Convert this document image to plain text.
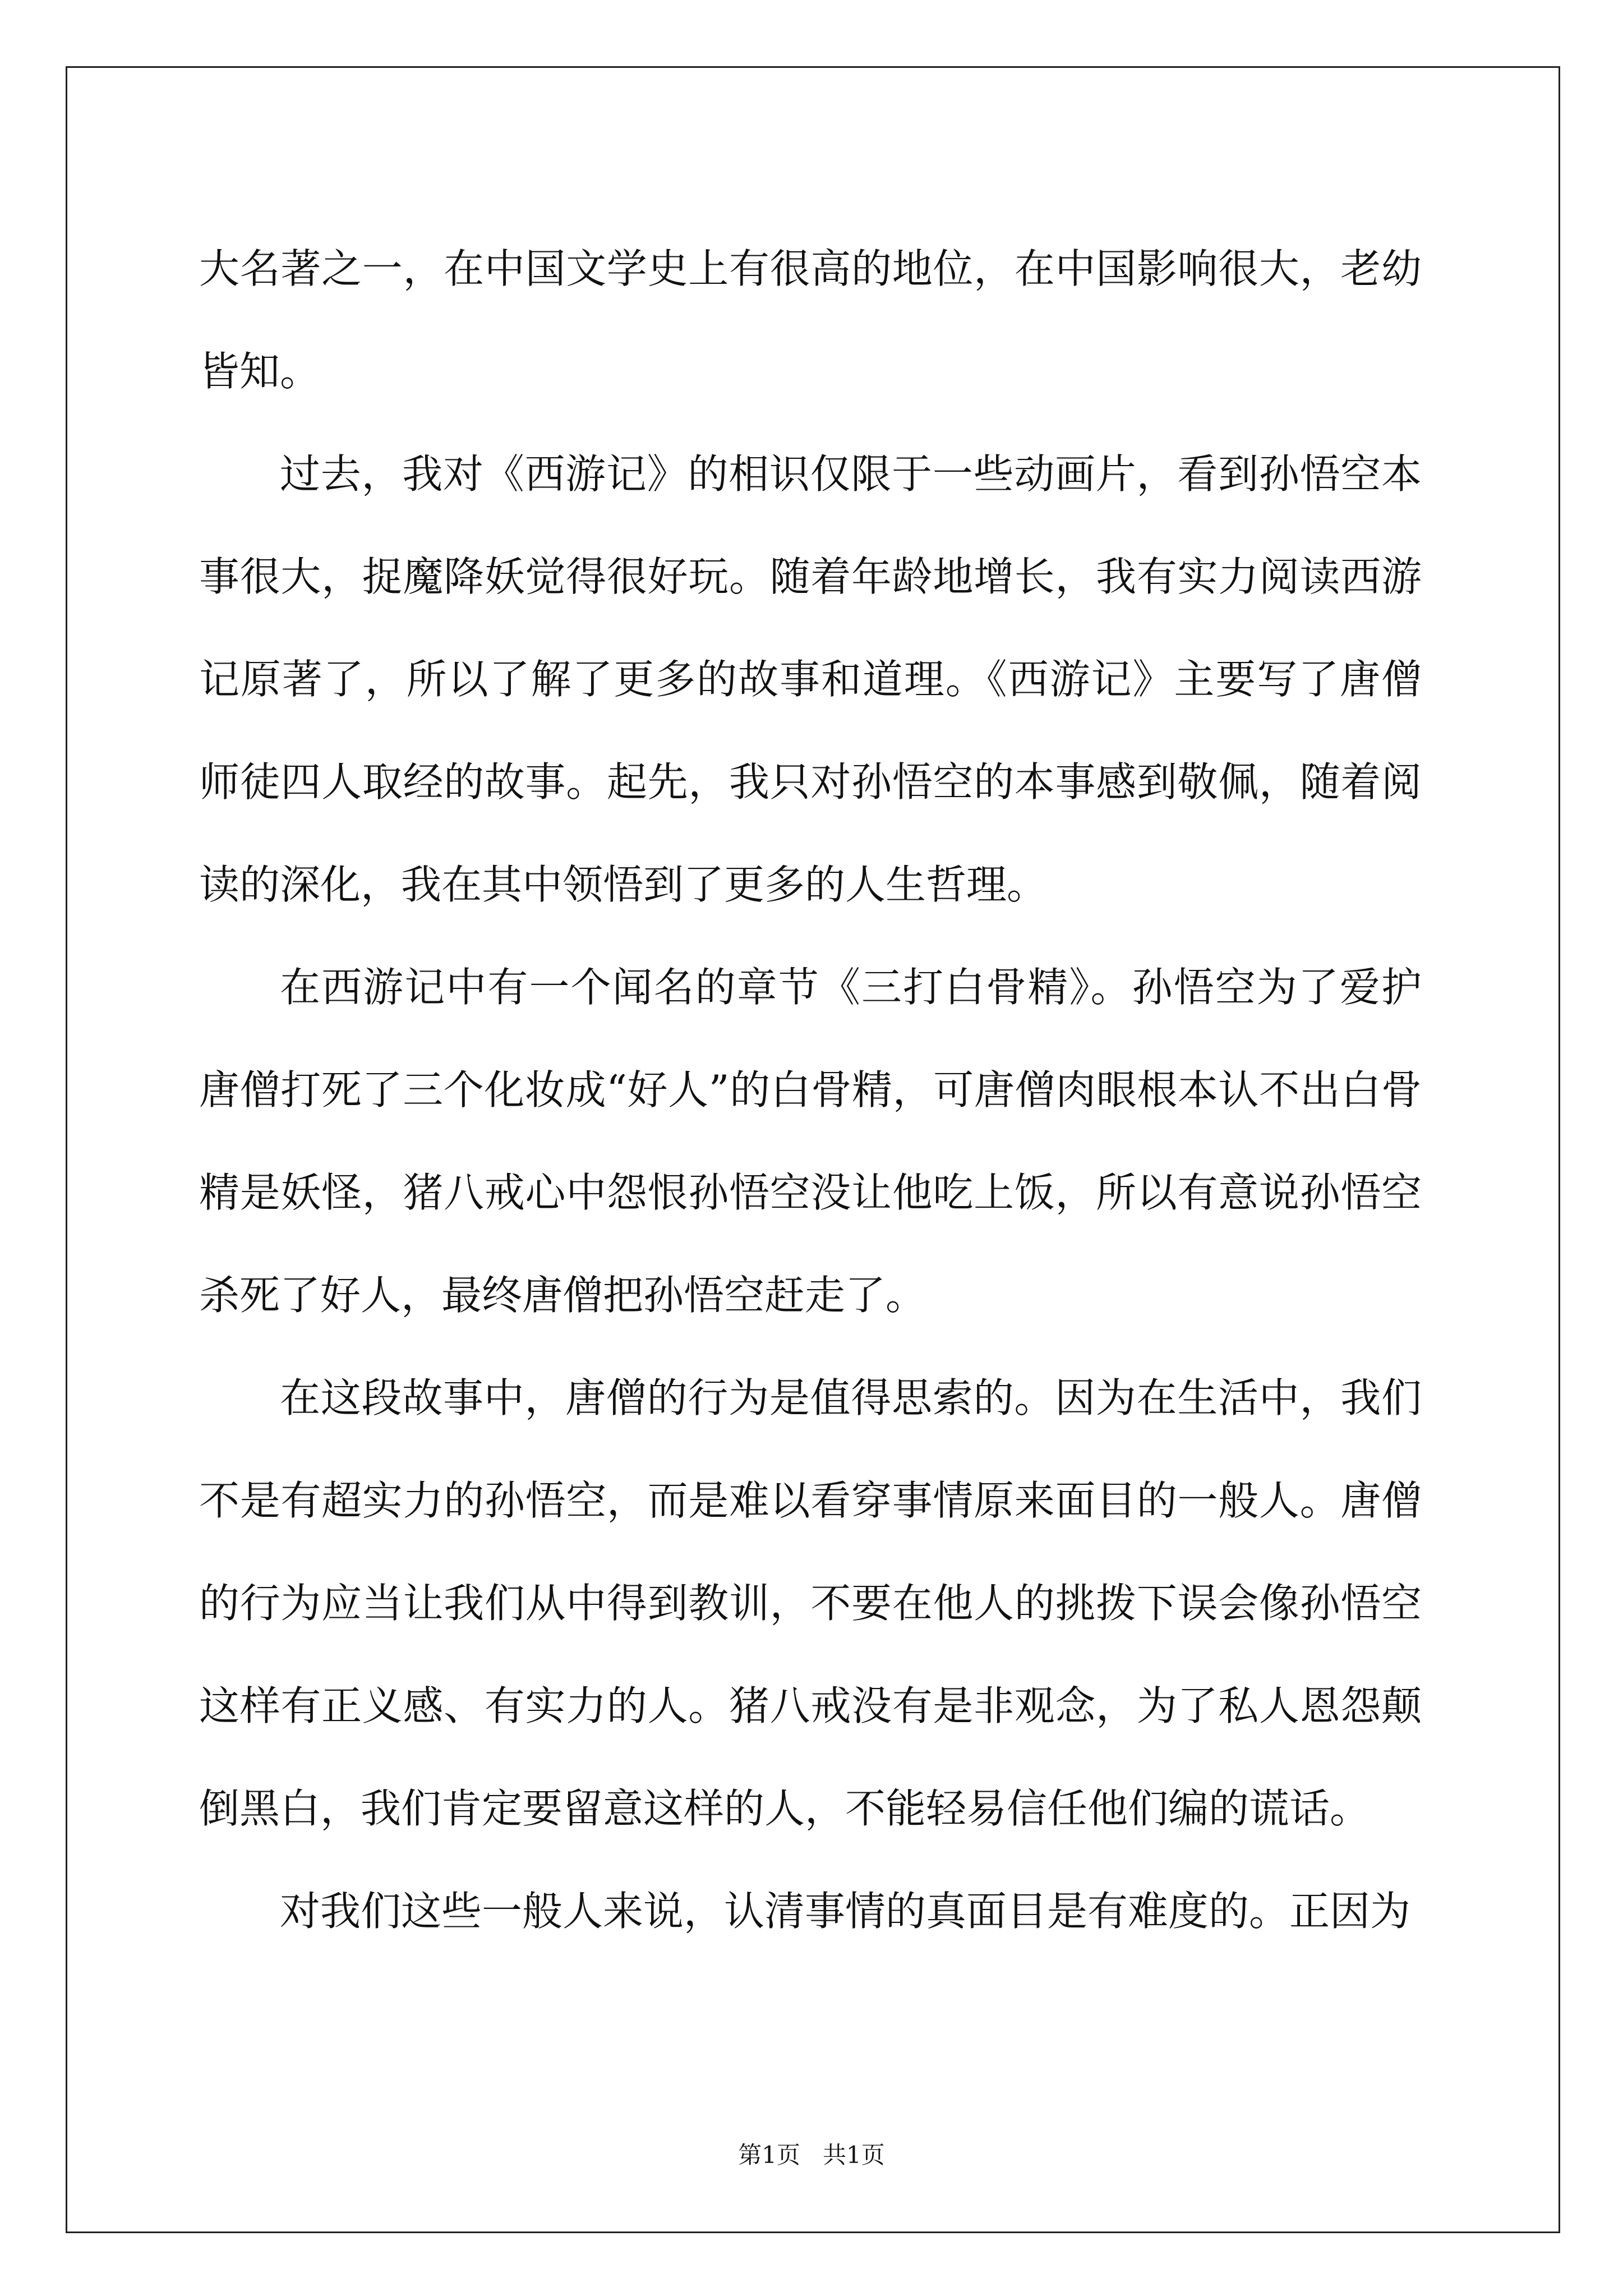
大名著之一，在中国文学史上有很高的地位，在中国影响很大，老幼皆知。

过去，我对《西游记》的相识仅限于一些动画片，看到孙悟空本事很大，捉魔降妖觉得很好玩。随着年龄地增长，我有实力阅读西游记原著了，所以了解了更多的故事和道理。《西游记》主要写了唐僧师徒四人取经的故事。起先，我只对孙悟空的本事感到敬佩，随着阅读的深化，我在其中领悟到了更多的人生哲理。

在西游记中有一个闻名的章节《三打白骨精》。孙悟空为了爱护唐僧打死了三个化妆成“好人”的白骨精，可唐僧肉眼根本认不出白骨精是妖怪，猪八戒心中怨恨孙悟空没让他吃上饭，所以有意说孙悟空杀死了好人，最终唐僧把孙悟空赶走了。

在这段故事中，唐僧的行为是值得思索的。因为在生活中，我们不是有超实力的孙悟空，而是难以看穿事情原来面目的一般人。唐僧的行为应当让我们从中得到教训，不要在他人的挑拨下误会像孙悟空这样有正义感、有实力的人。猪八戒没有是非观念，为了私人恩怨颠倒黑白，我们肯定要留意这样的人，不能轻易信任他们编的谎话。

对我们这些一般人来说，认清事情的真面目是有难度的。正因为

第1页   共1页
